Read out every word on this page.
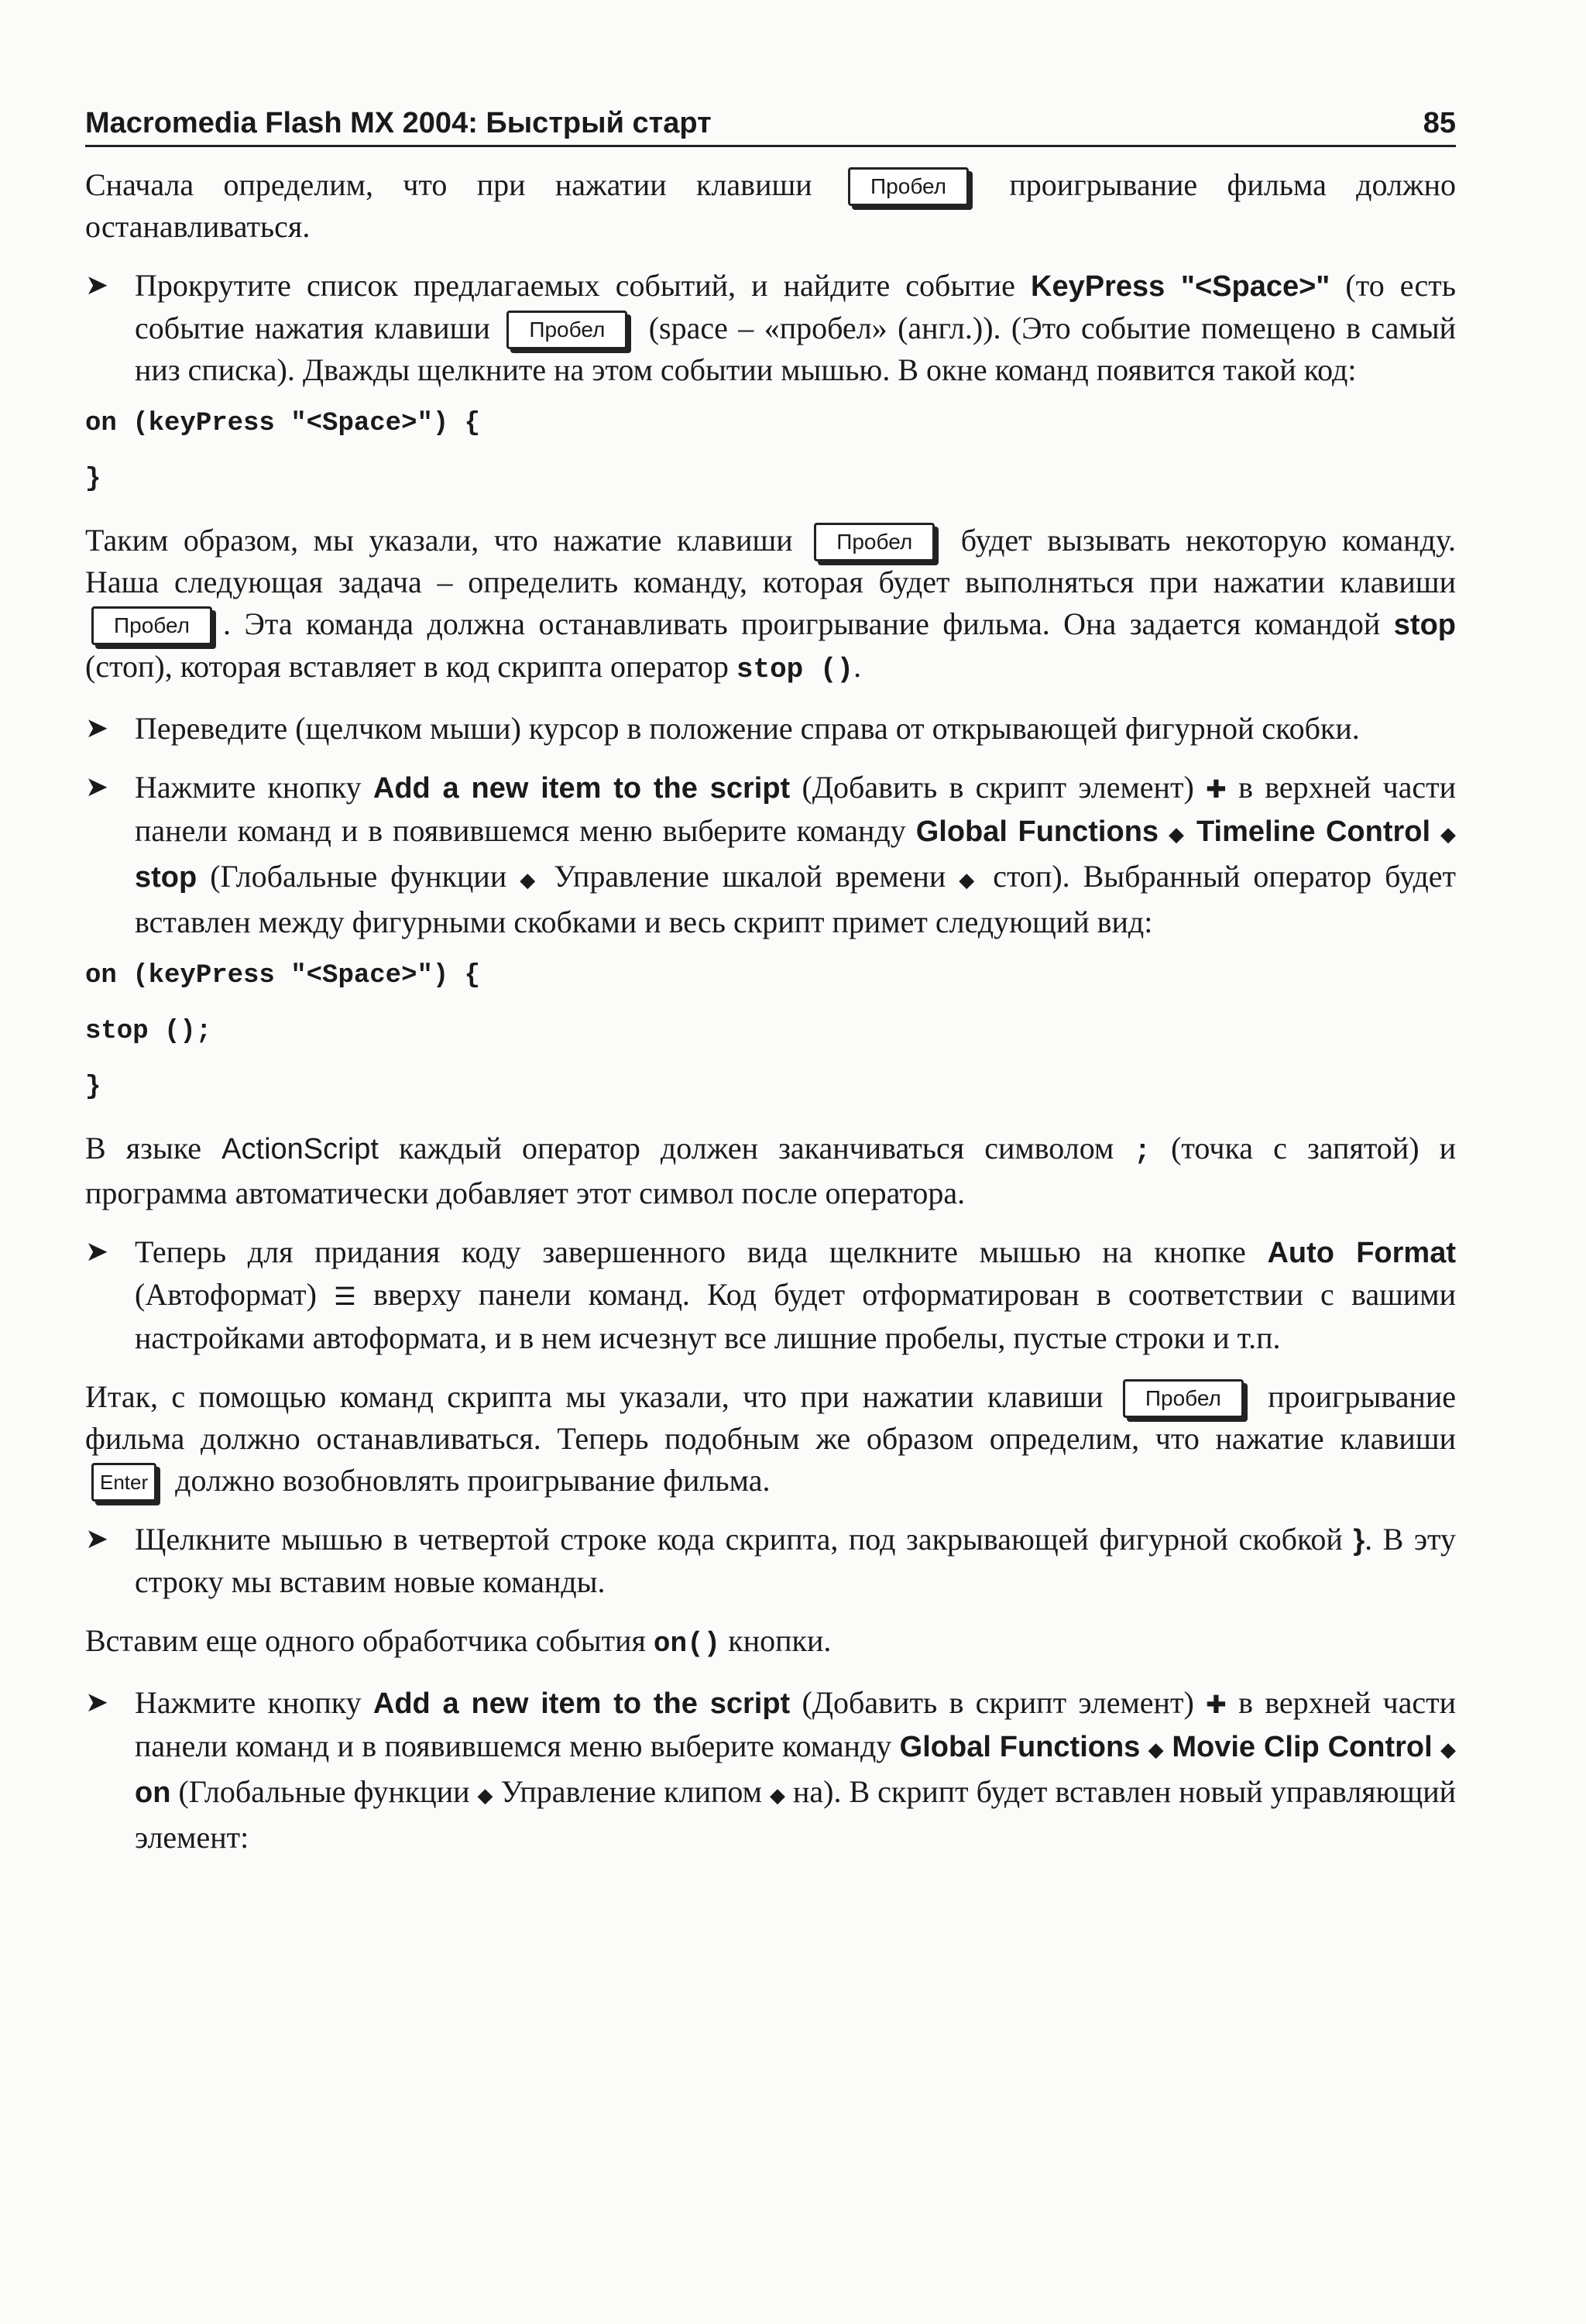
Macromedia Flash MX 2004: Быстрый старт	85

Сначала определим, что при нажатии клавиши	Пробел проигрывание фильма должно останавливаться.

➤ Прокрутите список предлагаемых событий, и найдите событие KeyPress "<Space>" (то есть событие нажатия клавиши Пробел (space – «пробел» (англ.)). (Это событие помещено в самый низ списка). Дважды щелкните на этом событии мышью. В окне команд появится такой код:

on (keyPress "<Space>") {
}

Таким образом, мы указали, что нажатие клавиши Пробел будет вызывать некоторую команду. Наша следующая задача – определить команду, которая будет выполняться при нажатии клавиши Пробел . Эта команда должна останавливать проигрывание фильма. Она задается командой stop (стоп), которая вставляет в код скрипта оператор stop ().

➤ Переведите (щелчком мыши) курсор в положение справа от открывающей фигурной скобки.

➤ Нажмите кнопку Add a new item to the script (Добавить в скрипт элемент) ✚ в верхней части панели команд и в появившемся меню выберите команду Global Functions ◆ Timeline Control ◆ stop (Глобальные функции ◆ Управление шкалой времени ◆ стоп). Выбранный оператор будет вставлен между фигурными скобками и весь скрипт примет следующий вид:

on (keyPress "<Space>") {
stop ();
}

В языке ActionScript каждый оператор должен заканчиваться символом ; (точка с запятой) и программа автоматически добавляет этот символ после оператора.

➤ Теперь для придания коду завершенного вида щелкните мышью на кнопке Auto Format (Автоформат) ☰ вверху панели команд. Код будет отформатирован в соответствии с вашими настройками автоформата, и в нем исчезнут все лишние пробелы, пустые строки и т.п.

Итак, с помощью команд скрипта мы указали, что при нажатии клавиши Пробел проигрывание фильма должно останавливаться. Теперь подобным же образом определим, что нажатие клавиши Enter должно возобновлять проигрывание фильма.

➤ Щелкните мышью в четвертой строке кода скрипта, под закрывающей фигурной скобкой }. В эту строку мы вставим новые команды.

Вставим еще одного обработчика события on() кнопки.

➤ Нажмите кнопку Add a new item to the script (Добавить в скрипт элемент) ✚ в верхней части панели команд и в появившемся меню выберите команду Global Functions ◆ Movie Clip Control ◆ on (Глобальные функции ◆ Управление клипом ◆ на). В скрипт будет вставлен новый управляющий элемент:
